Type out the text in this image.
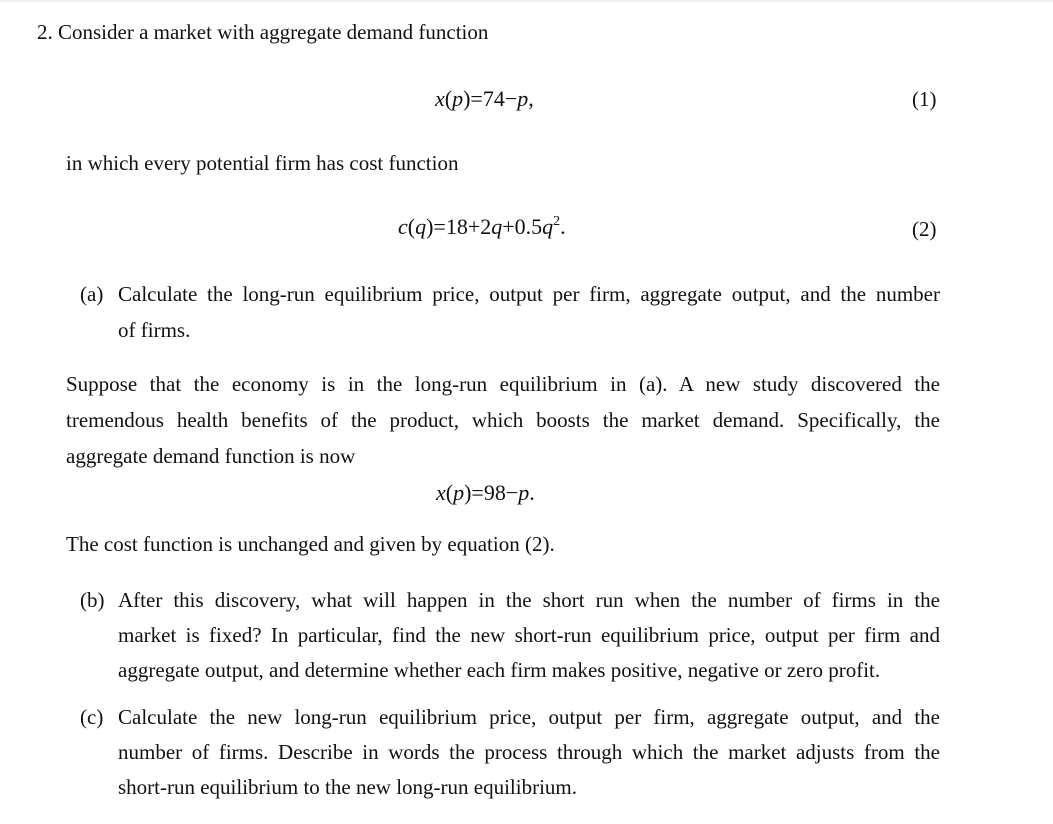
2. Consider a market with aggregate demand function
x(p)=74−p,	(1)
in which every potential firm has cost function
$c(q)=18+2q+0.5q^2$.	(2)
(a) Calculate the long-run equilibrium price, output per firm, aggregate output, and the number
of firms.
Suppose that the economy is in the long-run equilibrium in (a). A new study discovered the
tremendous health benefits of the product, which boosts the market demand. Specifically, the
aggregate demand function is now
x(p)=98−p.
The cost function is unchanged and given by equation (2).
(b) After this discovery, what will happen in the short run when the number of firms in the
market is fixed? In particular, find the new short-run equilibrium price, output per firm and
aggregate output, and determine whether each firm makes positive, negative or zero profit.
(c) Calculate the new long-run equilibrium price, output per firm, aggregate output, and the
number of firms. Describe in words the process through which the market adjusts from the
short-run equilibrium to the new long-run equilibrium.
